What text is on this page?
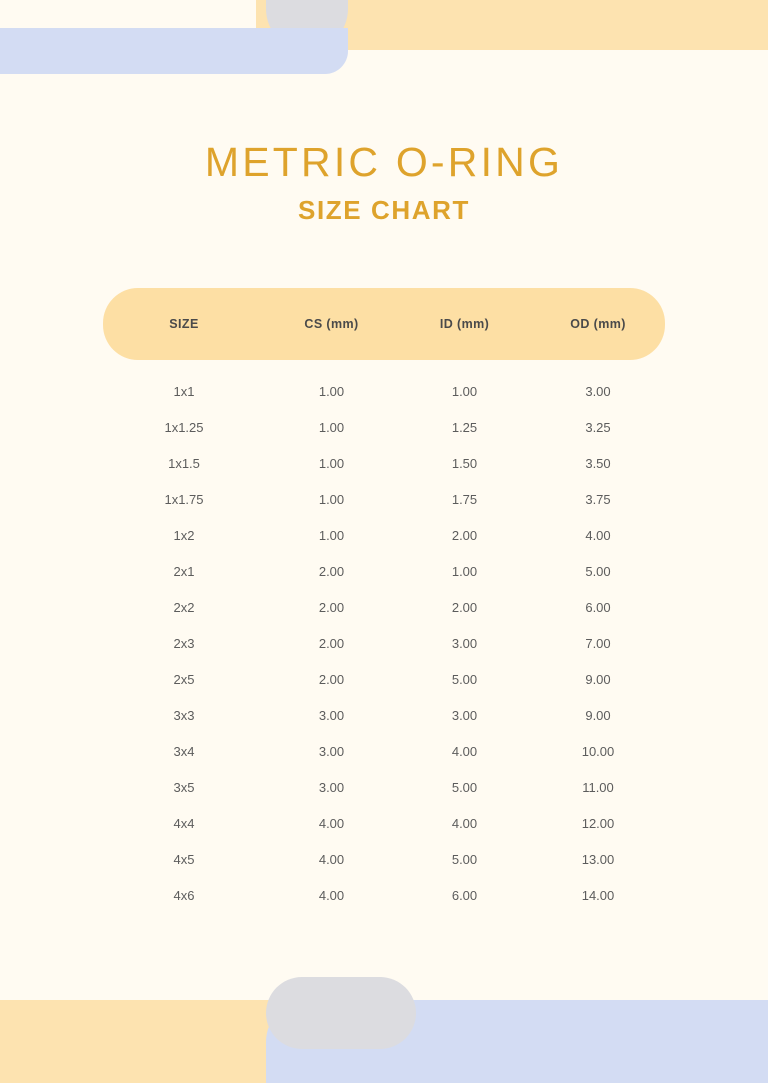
METRIC O-RING
SIZE CHART
SIZE	CS (mm)	ID (mm)	OD (mm)
1x1	1.00	1.00	3.00
1x1.25	1.00	1.25	3.25
1x1.5	1.00	1.50	3.50
1x1.75	1.00	1.75	3.75
1x2	1.00	2.00	4.00
2x1	2.00	1.00	5.00
2x2	2.00	2.00	6.00
2x3	2.00	3.00	7.00
2x5	2.00	5.00	9.00
3x3	3.00	3.00	9.00
3x4	3.00	4.00	10.00
3x5	3.00	5.00	11.00
4x4	4.00	4.00	12.00
4x5	4.00	5.00	13.00
4x6	4.00	6.00	14.00
